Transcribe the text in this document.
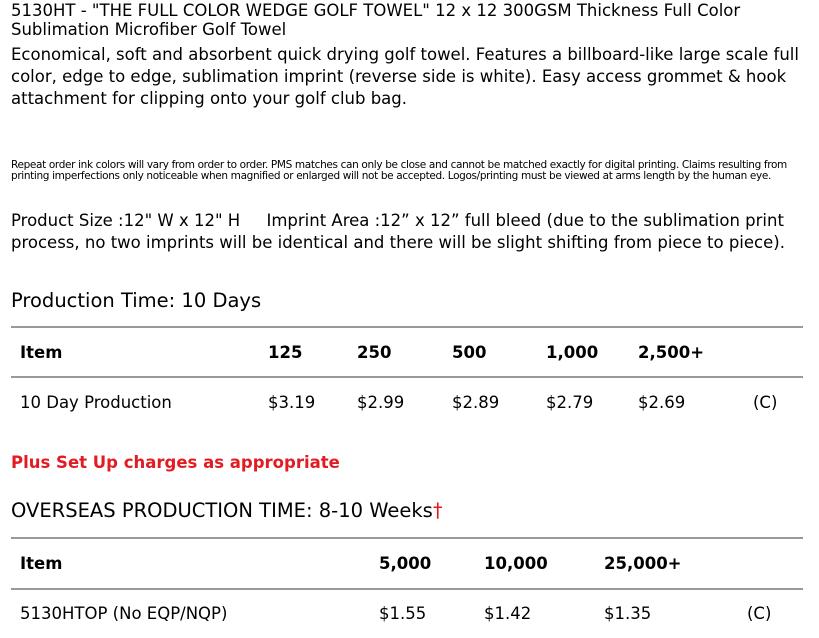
5130HT - "THE FULL COLOR WEDGE GOLF TOWEL" 12 x 12 300GSM Thickness Full Color Sublimation Microfiber Golf Towel
Economical, soft and absorbent quick drying golf towel. Features a billboard-like large scale full color, edge to edge, sublimation imprint (reverse side is white). Easy access grommet & hook attachment for clipping onto your golf club bag.
Repeat order ink colors will vary from order to order. PMS matches can only be close and cannot be matched exactly for digital printing. Claims resulting from printing imperfections only noticeable when magnified or enlarged will not be accepted. Logos/printing must be viewed at arms length by the human eye.
Product Size :12" W x 12" H Imprint Area :12” x 12” full bleed (due to the sublimation print process, no two imprints will be identical and there will be slight shifting from piece to piece).
Production Time: 10 Days
Item	125	250	500	1,000 2,500+
10 Day Production	$3.19	$2.99	$2.89	$2.79	$2.69	(C)
Plus Set Up charges as appropriate
OVERSEAS PRODUCTION TIME: 8-10 Weeks†
Item	5,000	10,000	25,000+
5130HTOP (No EQP/NQP)	$1.55	$1.42	$1.35	(C)
